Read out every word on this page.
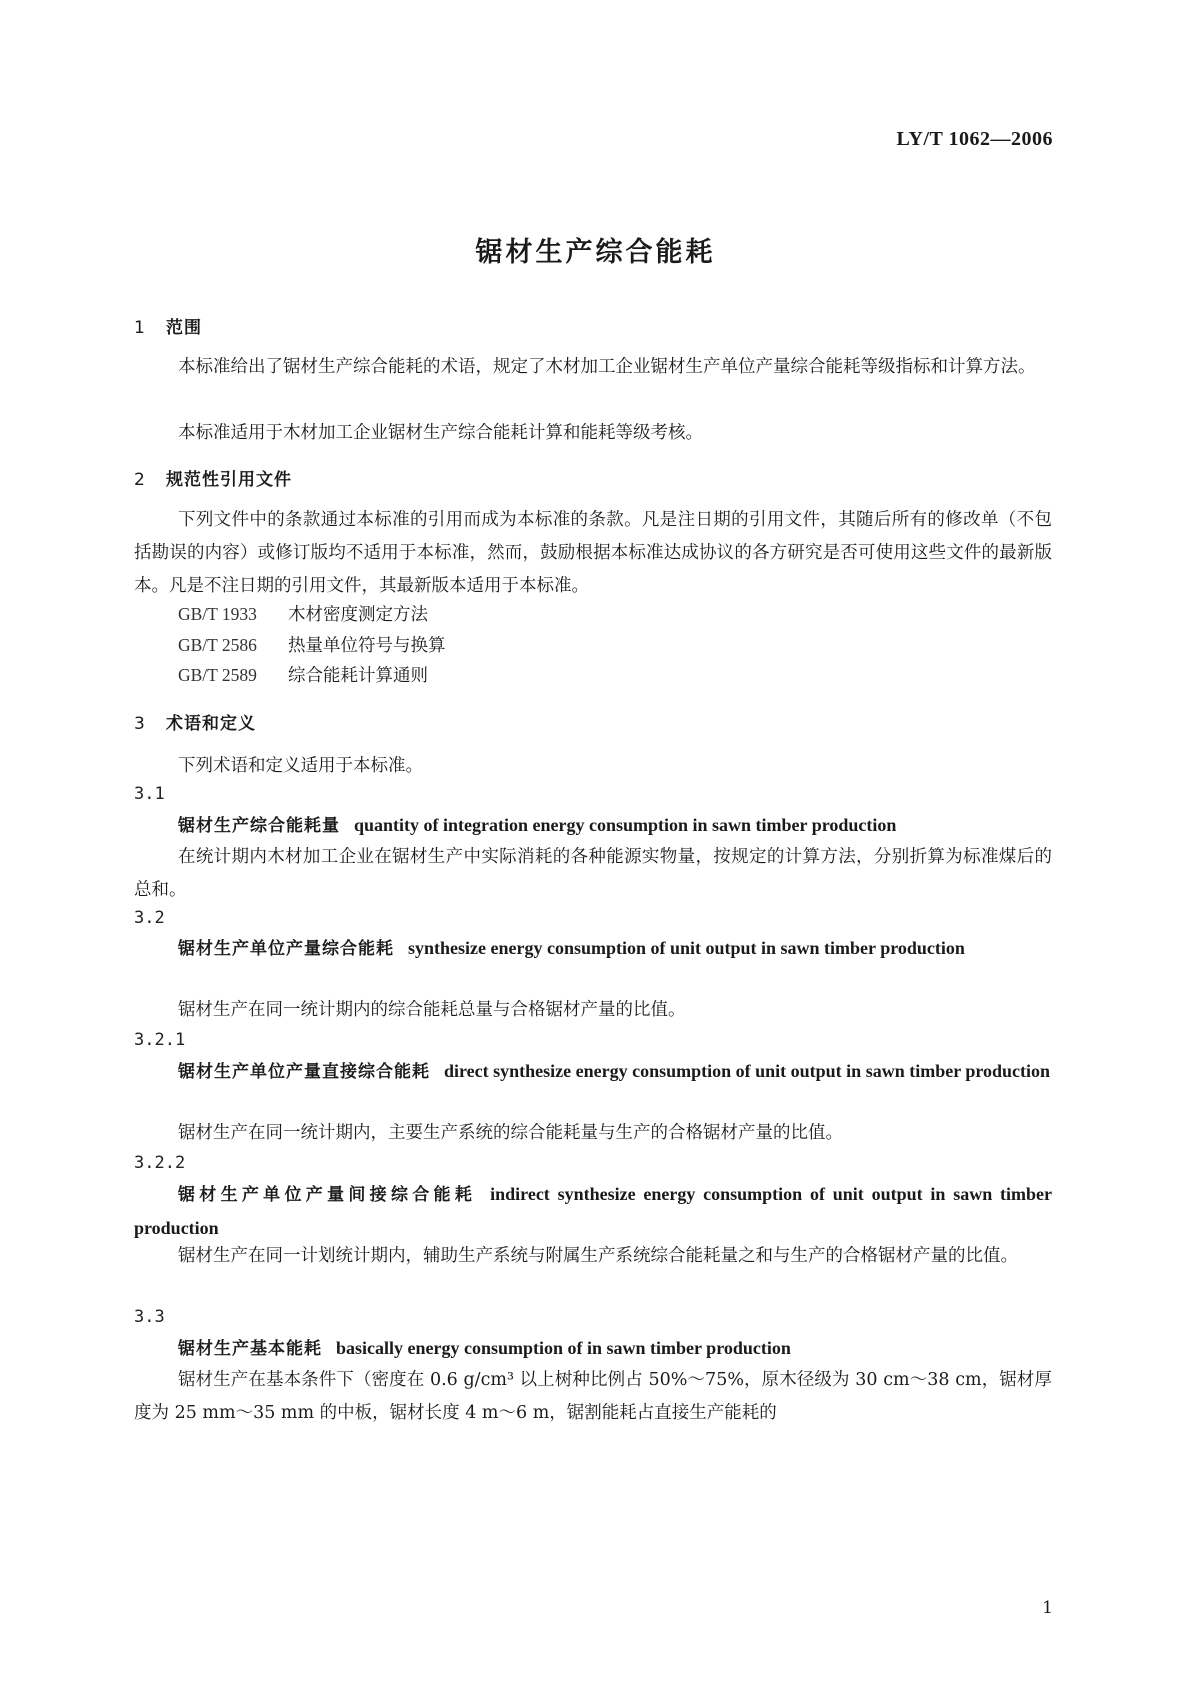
LY/T 1062—2006
锯材生产综合能耗
1 范围
本标准给出了锯材生产综合能耗的术语，规定了木材加工企业锯材生产单位产量综合能耗等级指标和计算方法。
本标准适用于木材加工企业锯材生产综合能耗计算和能耗等级考核。
2 规范性引用文件
下列文件中的条款通过本标准的引用而成为本标准的条款。凡是注日期的引用文件，其随后所有的修改单（不包括勘误的内容）或修订版均不适用于本标准，然而，鼓励根据本标准达成协议的各方研究是否可使用这些文件的最新版本。凡是不注日期的引用文件，其最新版本适用于本标准。
GB/T 1933 木材密度测定方法
GB/T 2586 热量单位符号与换算
GB/T 2589 综合能耗计算通则
3 术语和定义
下列术语和定义适用于本标准。
3.1
锯材生产综合能耗量 quantity of integration energy consumption in sawn timber production
在统计期内木材加工企业在锯材生产中实际消耗的各种能源实物量，按规定的计算方法，分别折算为标准煤后的总和。
3.2
锯材生产单位产量综合能耗 synthesize energy consumption of unit output in sawn timber production
锯材生产在同一统计期内的综合能耗总量与合格锯材产量的比值。
3.2.1
锯材生产单位产量直接综合能耗 direct synthesize energy consumption of unit output in sawn timber production
锯材生产在同一统计期内，主要生产系统的综合能耗量与生产的合格锯材产量的比值。
3.2.2
锯材生产单位产量间接综合能耗 indirect synthesize energy consumption of unit output in sawn timber production
锯材生产在同一计划统计期内，辅助生产系统与附属生产系统综合能耗量之和与生产的合格锯材产量的比值。
3.3
锯材生产基本能耗 basically energy consumption of in sawn timber production
锯材生产在基本条件下（密度在 0.6 g/cm³ 以上树种比例占 50%～75%，原木径级为 30 cm～38 cm，锯材厚度为 25 mm～35 mm 的中板，锯材长度 4 m～6 m，锯割能耗占直接生产能耗的
1
